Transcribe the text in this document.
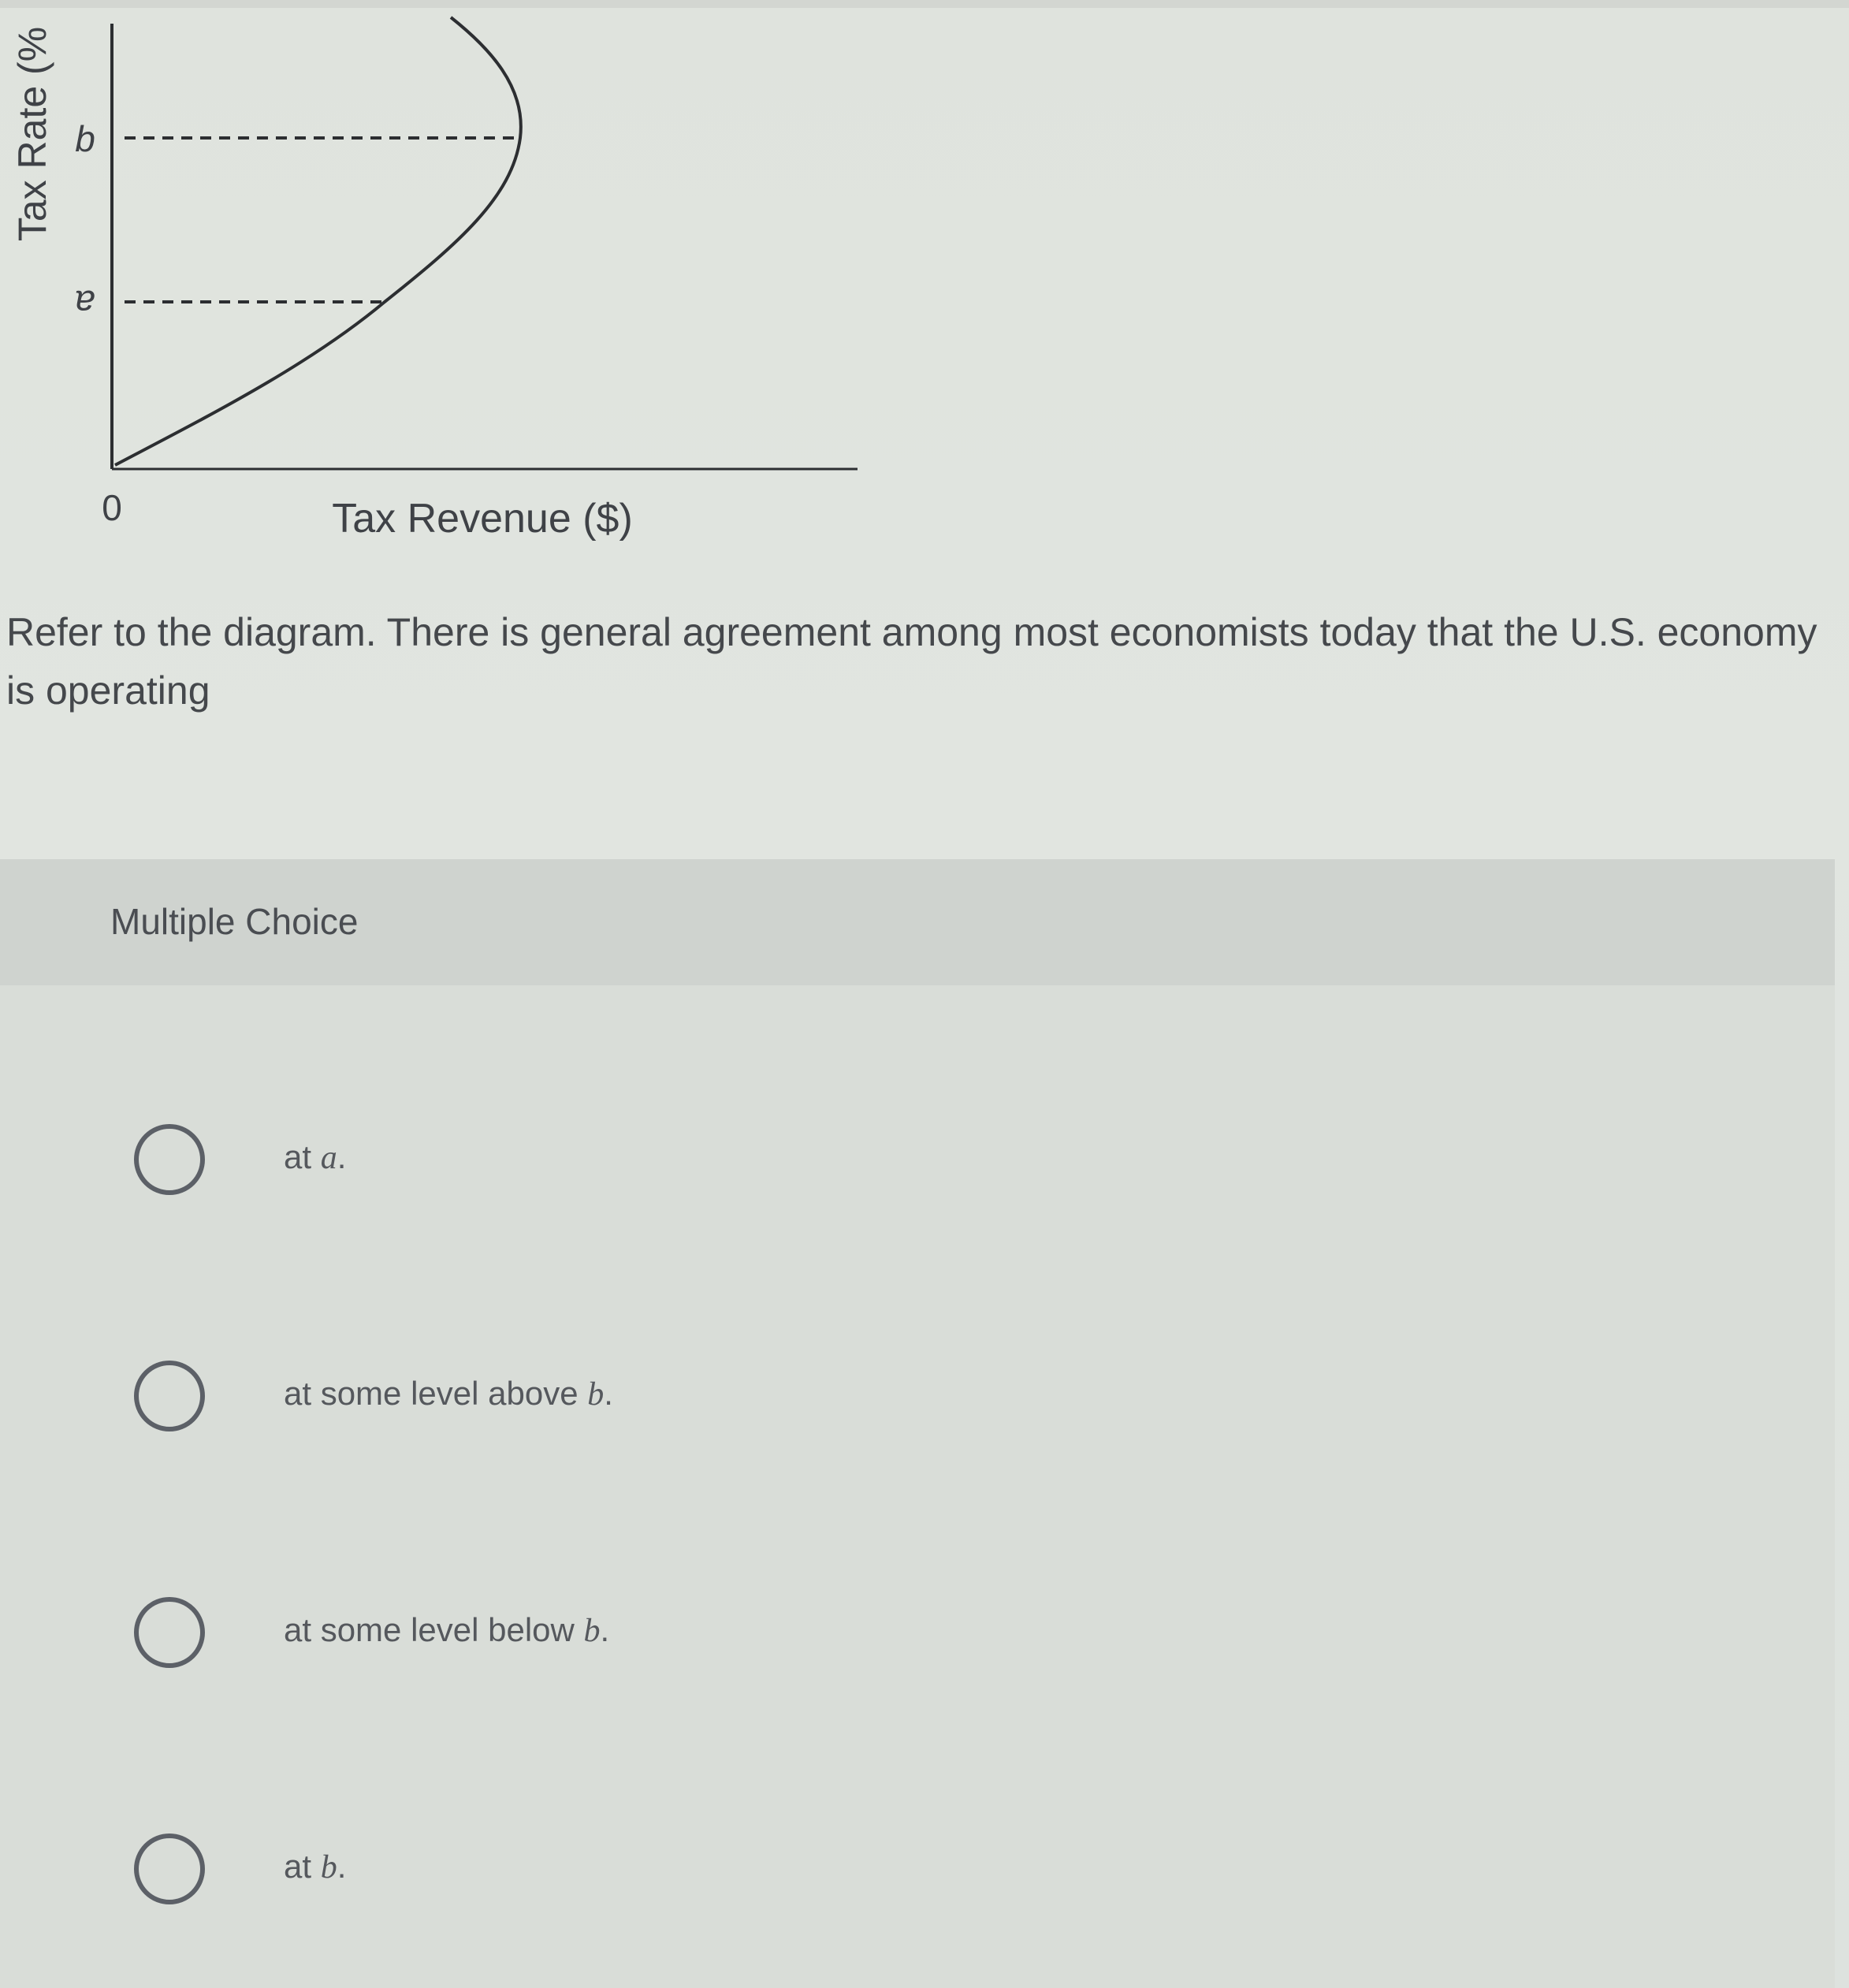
Tax Rate (% b
a
0	Tax Revenue ($)
Refer to the diagram. There is general agreement among most economists today that the U.S. economy is operating
Multiple Choice
at a.
at some level above b.
at some level below b.
at b.
